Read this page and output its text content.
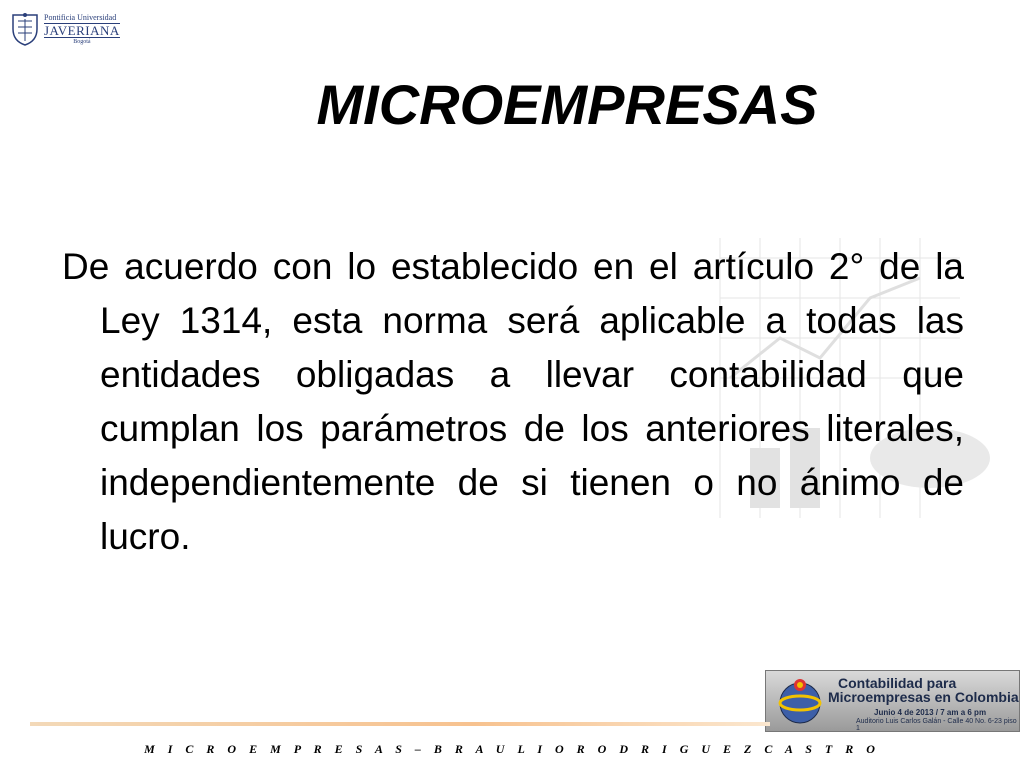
Pontificia Universidad
JAVERIANA
Bogotá
MICROEMPRESAS

De acuerdo con lo establecido en el artículo 2° de la Ley 1314, esta norma será aplicable a todas las entidades obligadas a llevar contabilidad que cumplan los parámetros de los anteriores literales, independientemente de si tienen o no ánimo de lucro.

Contabilidad para
Microempresas en Colombia
Junio 4 de 2013 / 7 am a 6 pm
Auditorio Luis Carlos Galán - Calle 40 No. 6-23 piso 1
M I C R O E M P R E S A S – B R A U L I O R O D R I G U E Z C A S T R O
